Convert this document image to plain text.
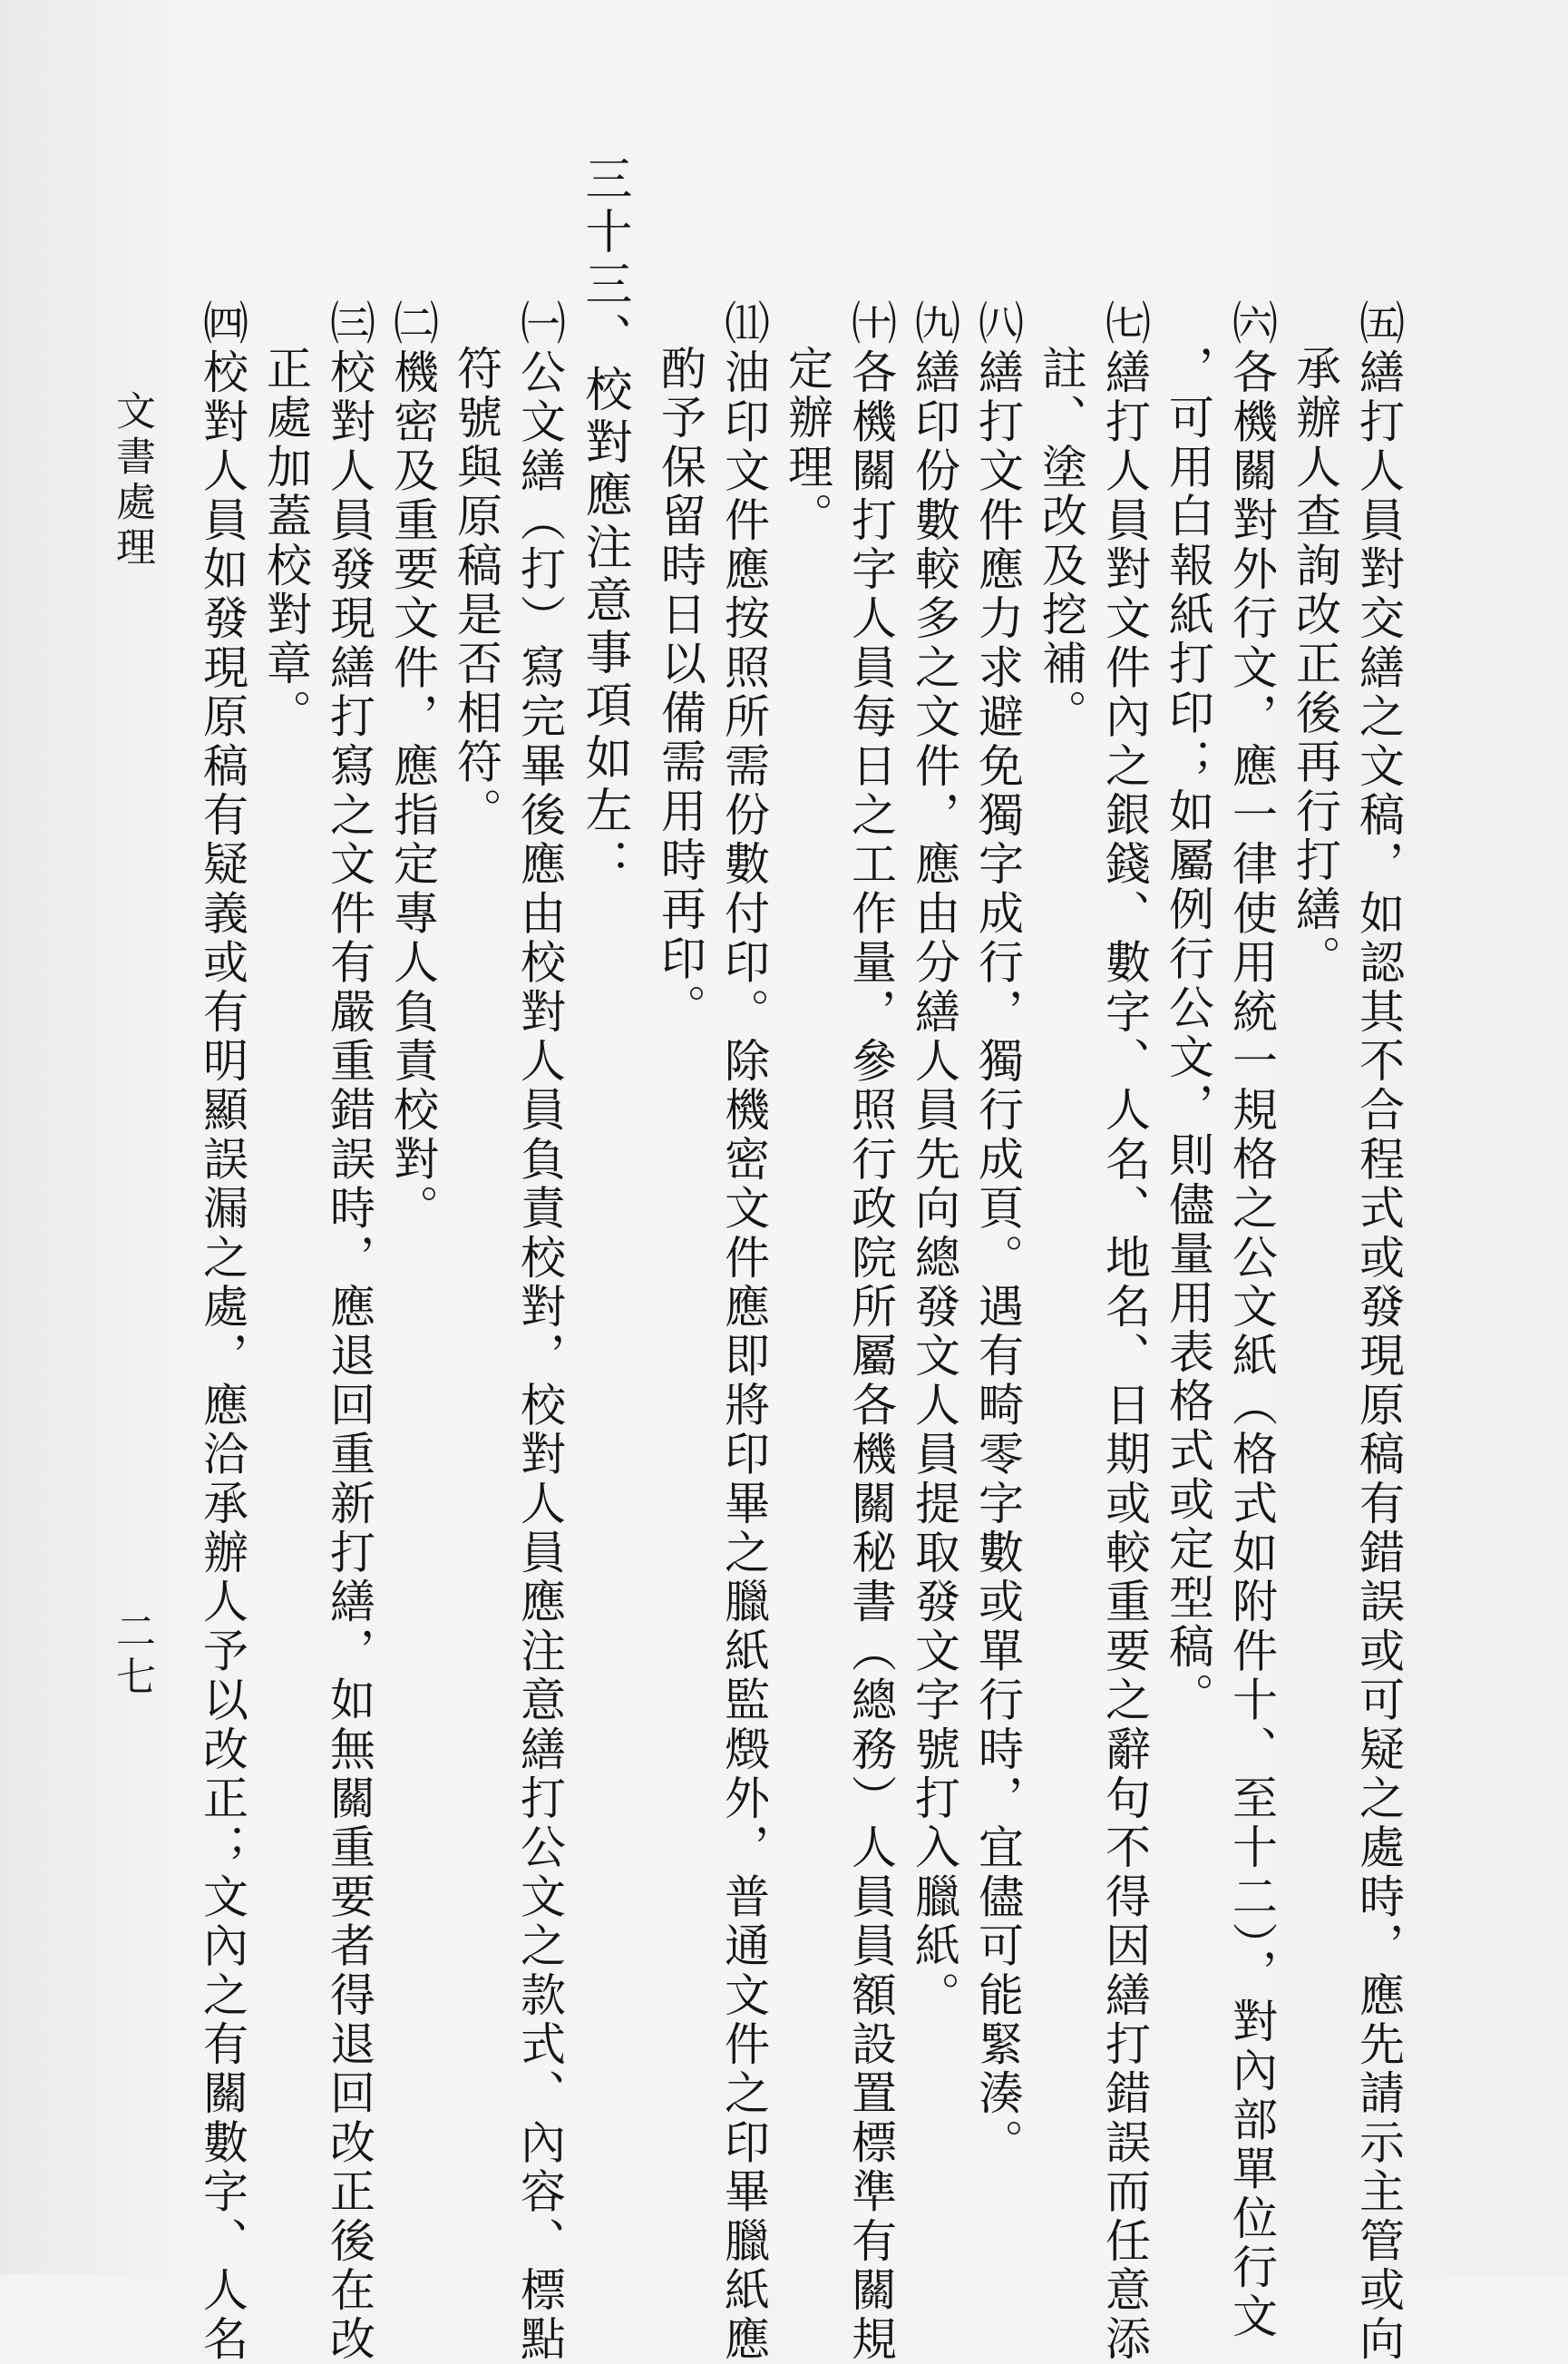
㈤繕打人員對交繕之文稿，如認其不合程式或發現原稿有錯誤或可疑之處時，應先請示主管或向
承辦人查詢改正後再行打繕。
㈥各機關對外行文，應一律使用統一規格之公文紙（格式如附件十、至十二），對內部單位行文
，可用白報紙打印；如屬例行公文，則儘量用表格式或定型稿。
㈦繕打人員對文件內之銀錢、數字、人名、地名、日期或較重要之辭句不得因繕打錯誤而任意添
註、塗改及挖補。
㈧繕打文件應力求避免獨字成行，獨行成頁。遇有畸零字數或單行時，宜儘可能緊湊。
㈨繕印份數較多之文件，應由分繕人員先向總發文人員提取發文字號打入臘紙。
㈩各機關打字人員每日之工作量，參照行政院所屬各機關秘書（總務）人員員額設置標準有關規
定辦理。
⑾油印文件應按照所需份數付印。除機密文件應即將印畢之臘紙監燬外，普通文件之印畢臘紙應
酌予保留時日以備需用時再印。
三十三、校對應注意事項如左：
㈠公文繕（打）寫完畢後應由校對人員負責校對，校對人員應注意繕打公文之款式、內容、標點
符號與原稿是否相符。
㈡機密及重要文件，應指定專人負責校對。
㈢校對人員發現繕打寫之文件有嚴重錯誤時，應退回重新打繕，如無關重要者得退回改正後在改
正處加蓋校對章。
㈣校對人員如發現原稿有疑義或有明顯誤漏之處，應洽承辦人予以改正；文內之有關數字、人名
文書處理
二七
